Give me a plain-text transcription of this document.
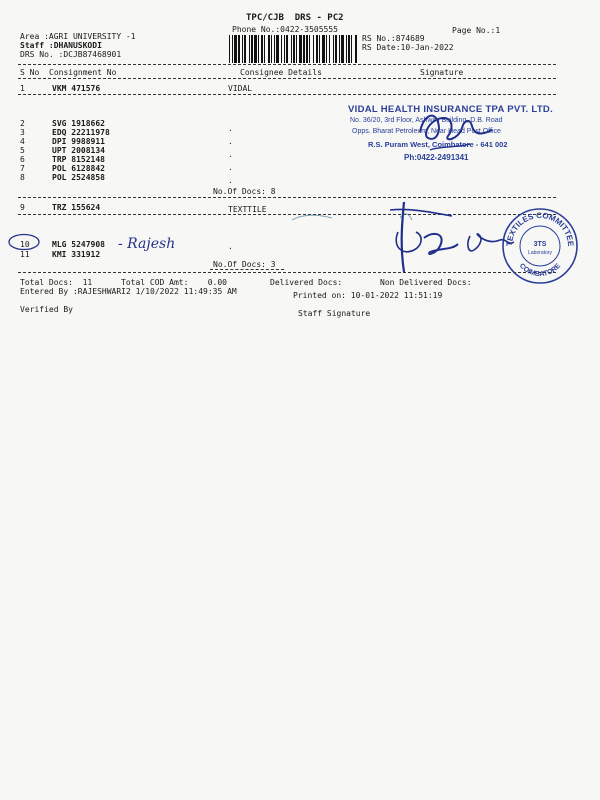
TPC/CJB  DRS - PC2
Phone No.:0422-3505555	Page No.:1
Area :AGRI UNIVERSITY -1
Staff :DHANUSKODI
DRS No. :DCJB87468901
RS No.:874689
RS Date:10-Jan-2022
S No Consignment No	Consignee Details	Signature
1	VKM 471576	VIDAL
2	SVG 1918662
3	EDQ 22211978
4	DPI 9988911
5	UPT 2008134
6	TRP 8152148
7	POL 6128842
8	POL 2524858
.
.
.
.
.
No.Of Docs: 8
9	TRZ 155624	TEXTTILE
10	MLG 5247908
11	KMI 331912
.
No.Of Docs: 3
Total Docs:  11	Total COD Amt:    0.00	Delivered Docs:	Non Delivered Docs:
Entered By :RAJESHWARI2 1/10/2022 11:49:35 AM	Printed on: 10-01-2022 11:51:19
Verified By	Staff Signature
VIDAL HEALTH INSURANCE TPA PVT. LTD.
No. 36/20, 3rd Floor, Ashwini Building, D.B. Road
Opps. Bharat Petroleum, Near Head Post Office
R.S. Puram West, Coimbatore - 641 002
Ph:0422-2491341
TEXTILES COMMITTEE
COIMBATORE
3TS
Laboratory
- Rajesh
